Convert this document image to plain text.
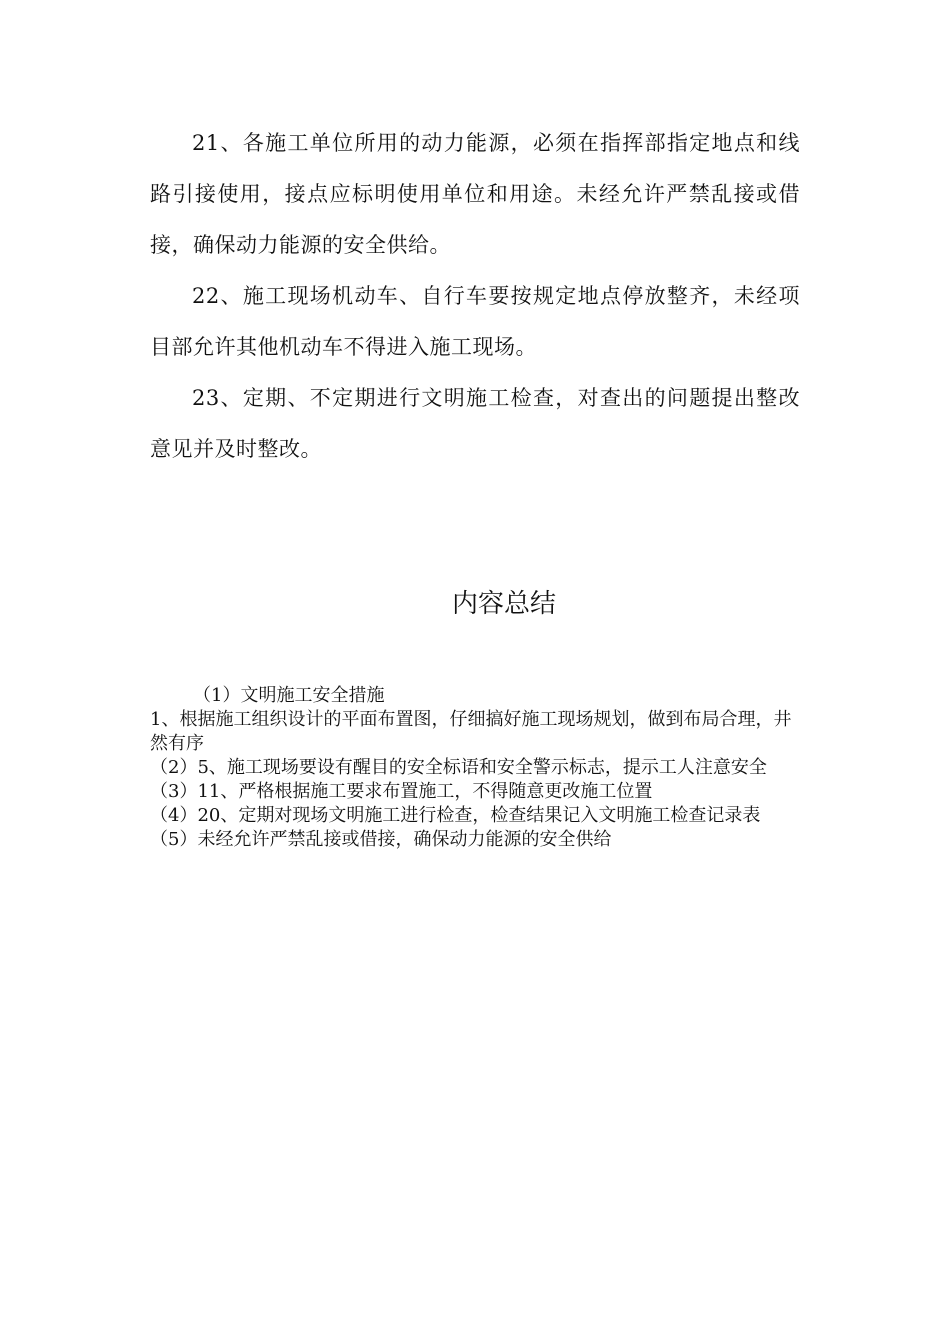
21、各施工单位所用的动力能源，必须在指挥部指定地点和线路引接使用，接点应标明使用单位和用途。未经允许严禁乱接或借接，确保动力能源的安全供给。

22、施工现场机动车、自行车要按规定地点停放整齐，未经项目部允许其他机动车不得进入施工现场。

23、定期、不定期进行文明施工检查，对查出的问题提出整改意见并及时整改。

内容总结

（1）文明施工安全措施

1、根据施工组织设计的平面布置图，仔细搞好施工现场规划，做到布局合理，井然有序

（2）5、施工现场要设有醒目的安全标语和安全警示标志，提示工人注意安全

（3）11、严格根据施工要求布置施工，不得随意更改施工位置

（4）20、定期对现场文明施工进行检查，检查结果记入文明施工检查记录表

（5）未经允许严禁乱接或借接，确保动力能源的安全供给
